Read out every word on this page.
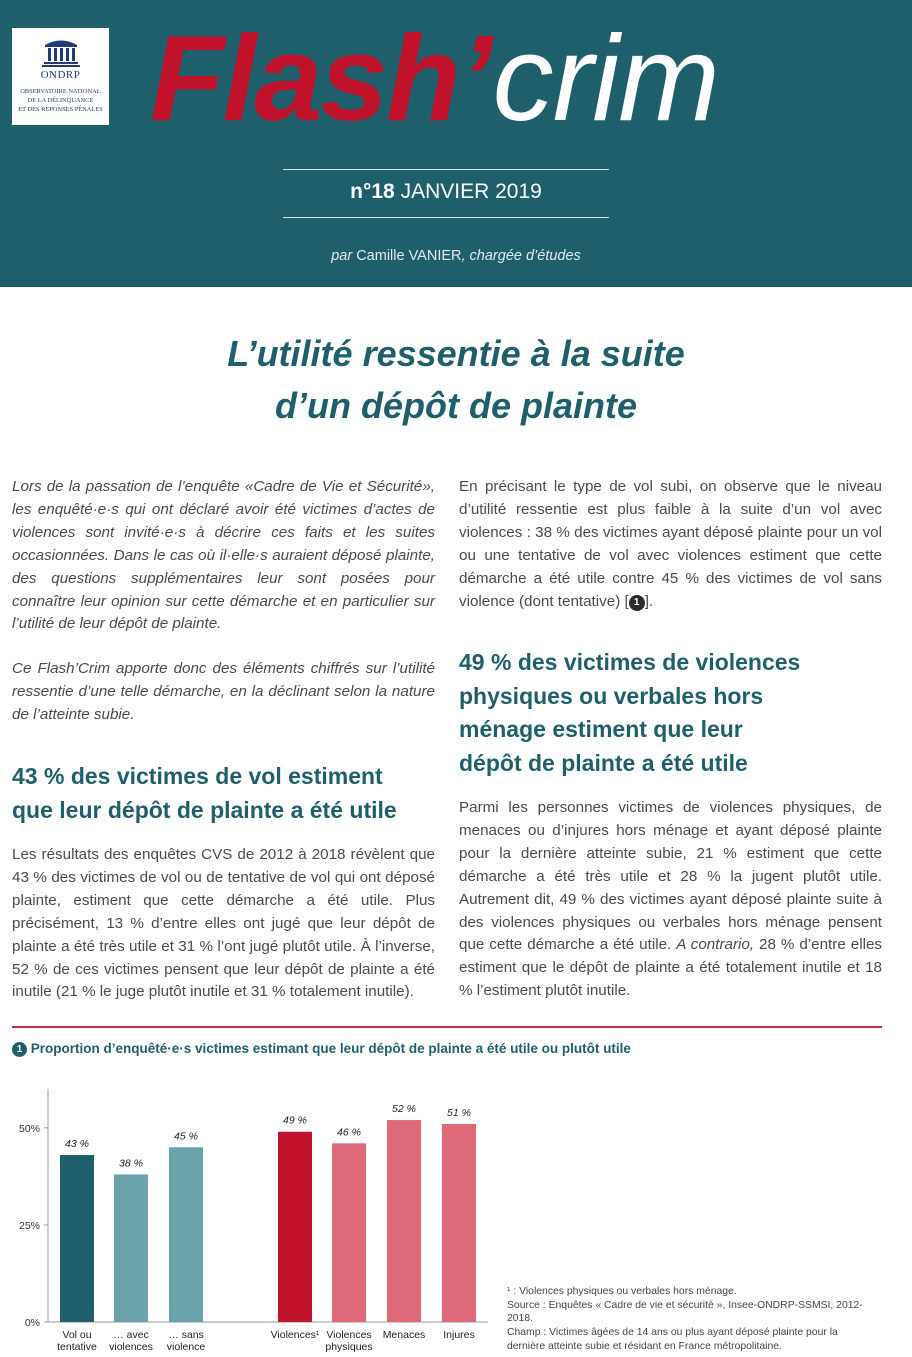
ONDRP
OBSERVATOIRE NATIONAL
DE LA DÉLINQUANCE
ET DES RÉPONSES PÉNALES Flash’crim
n°18 JANVIER 2019
par Camille VANIER, chargée d’études
L’utilité ressentie à la suite
d’un dépôt de plainte

Lors de la passation de l’enquête «Cadre de Vie et Sécurité», les enquêté·e·s qui ont déclaré avoir été victimes d’actes de violences sont invité·e·s à décrire ces faits et les suites occasionnées. Dans le cas où il·elle·s auraient déposé plainte, des questions supplémentaires leur sont posées pour connaître leur opinion sur cette démarche et en particulier sur l’utilité de leur dépôt de plainte.

Ce Flash’Crim apporte donc des éléments chiffrés sur l’utilité ressentie d’une telle démarche, en la déclinant selon la nature de l’atteinte subie.

43 % des victimes de vol estiment
que leur dépôt de plainte a été utile

Les résultats des enquêtes CVS de 2012 à 2018 révèlent que 43 % des victimes de vol ou de tentative de vol qui ont déposé plainte, estiment que cette démarche a été utile. Plus précisément, 13 % d’entre elles ont jugé que leur dépôt de plainte a été très utile et 31 % l’ont jugé plutôt utile. À l’inverse, 52 % de ces victimes pensent que leur dépôt de plainte a été inutile (21 % le juge plutôt inutile et 31 % totalement inutile).

En précisant le type de vol subi, on observe que le niveau d’utilité ressentie est plus faible à la suite d’un vol avec violences : 38 % des victimes ayant déposé plainte pour un vol ou une tentative de vol avec violences estiment que cette démarche a été utile contre 45 % des victimes de vol sans violence (dont tentative) [ 1 ].

49 % des victimes de violences
physiques ou verbales hors
ménage estiment que leur
dépôt de plainte a été utile

Parmi les personnes victimes de violences physiques, de menaces ou d’injures hors ménage et ayant déposé plainte pour la dernière atteinte subie, 21 % estiment que cette démarche a été très utile et 28 % la jugent plutôt utile. Autrement dit, 49 % des victimes ayant déposé plainte suite à des violences physiques ou verbales hors ménage pensent que cette démarche a été utile. A contrario, 28 % d’entre elles estiment que le dépôt de plainte a été totalement inutile et 18 % l’estiment plutôt inutile.

1 Proportion d’enquêté·e·s victimes estimant que leur dépôt de plainte a été utile ou plutôt utile
0%
25%
50%
43 %
Vol ou
tentative
38 %
… avec
violences
45 %
… sans
violence
49 %
Violences¹
46 %
Violences
physiques
52 %
Menaces
51 %
Injures

¹ : Violences physiques ou verbales hors ménage.

Source : Enquêtes « Cadre de vie et sécurité », Insee-ONDRP-SSMSI, 2012-2018.

Champ : Victimes âgées de 14 ans ou plus ayant déposé plainte pour la dernière atteinte subie et résidant en France métropolitaine.
